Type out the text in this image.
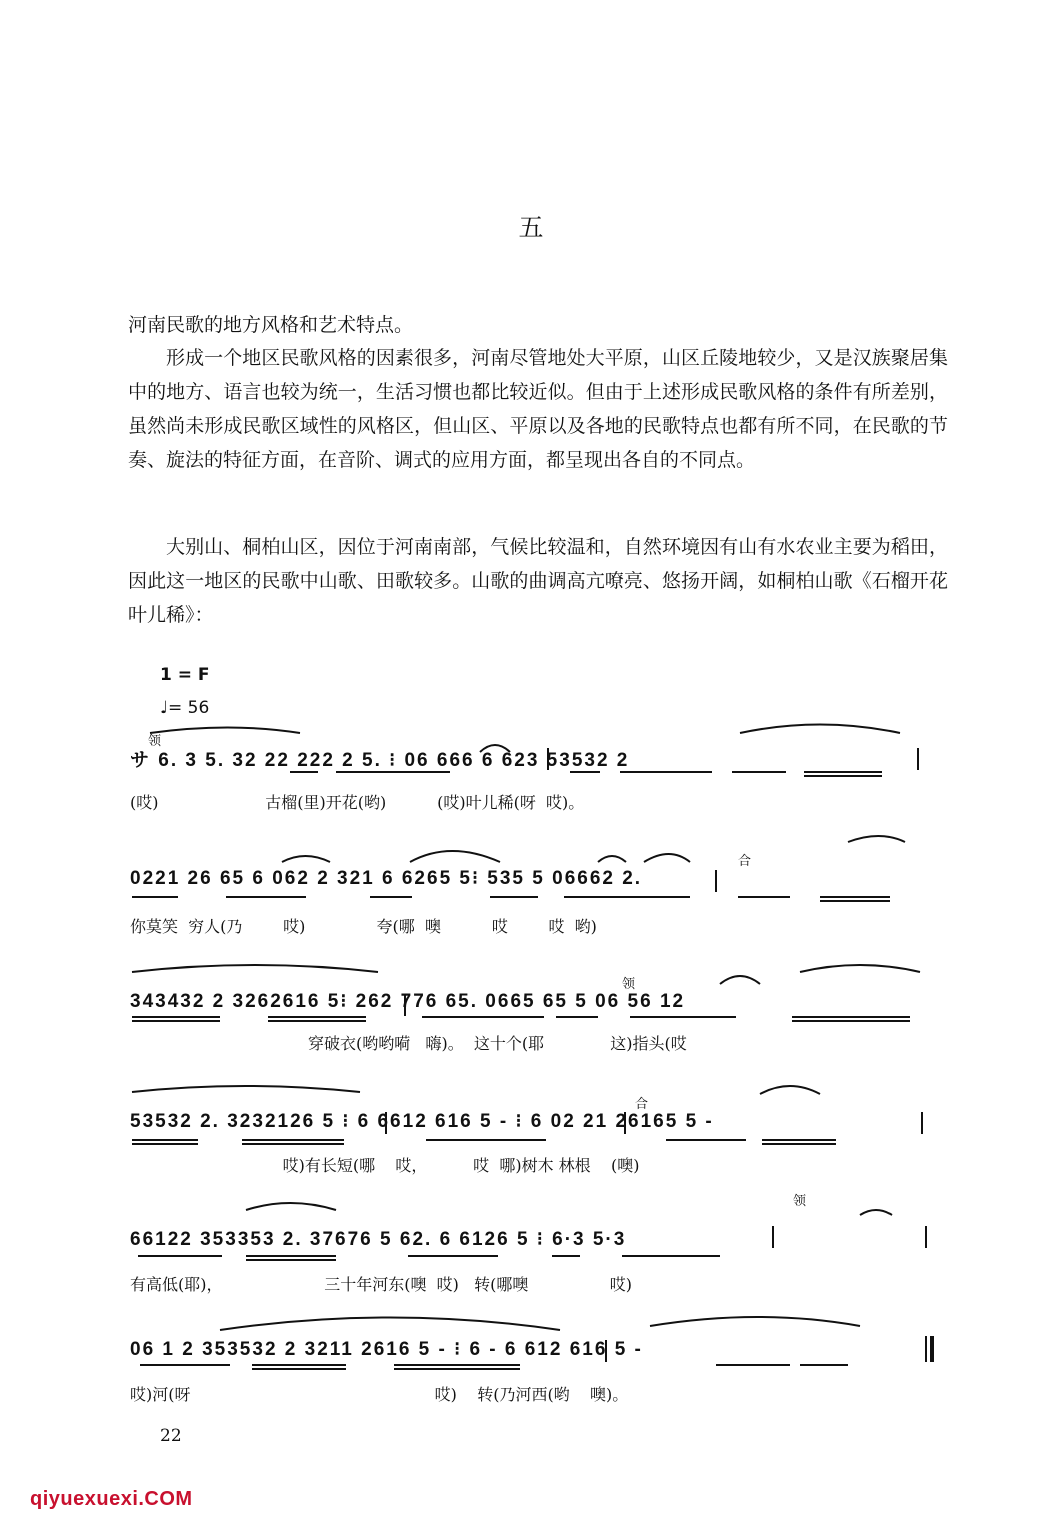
五
河南民歌的地方风格和艺术特点。
形成一个地区民歌风格的因素很多，河南尽管地处大平原，山区丘陵地较少，又是汉族聚居集中的地方、语言也较为统一，生活习惯也都比较近似。但由于上述形成民歌风格的条件有所差别，虽然尚未形成民歌区域性的风格区，但山区、平原以及各地的民歌特点也都有所不同，在民歌的节奏、旋法的特征方面，在音阶、调式的应用方面，都呈现出各自的不同点。
大别山、桐柏山区，因位于河南南部，气候比较温和，自然环境因有山有水农业主要为稻田，因此这一地区的民歌中山歌、田歌较多。山歌的曲调高亢嘹亮、悠扬开阔，如桐柏山歌《石榴开花叶儿稀》：
1 = F
♩= 56
サ 6. 3 5. 32 22 222 2 5. ⁝ 06 666 6 623 53532 2
(哎)                     古榴(里)开花(哟)          (哎)叶儿稀(呀  哎)。
0221 26 65 6 062 2 321 6 6265 5⁝ 535 5 06662 2.
你莫笑  穷人(乃        哎)              夸(哪  噢          哎        哎  哟)
343432 2 3262616 5⁝ 262 776 65. 0665 65 5 06 56 12
穿破衣(哟哟嗬   嗨)。  这十个(耶             这)指头(哎
53532 2. 3232126 5 ⁝ 6 6612 616 5 - ⁝ 6 02 21 26165 5 -
哎)有长短(哪    哎，         哎  哪)树木 林根    (噢)
66122 353353 2. 37676 5 62. 6 6126 5 ⁝ 6·3 5·3
有高低(耶)，                    三十年河东(噢  哎)   转(哪噢                哎)
06 1 2 353532 2 3211 2616 5 - ⁝ 6 - 6 612 616 5 -
哎)河(呀                                                哎)    转(乃河西(哟    噢)。
领
合
领
合
领
22
qiyuexuexi.COM
